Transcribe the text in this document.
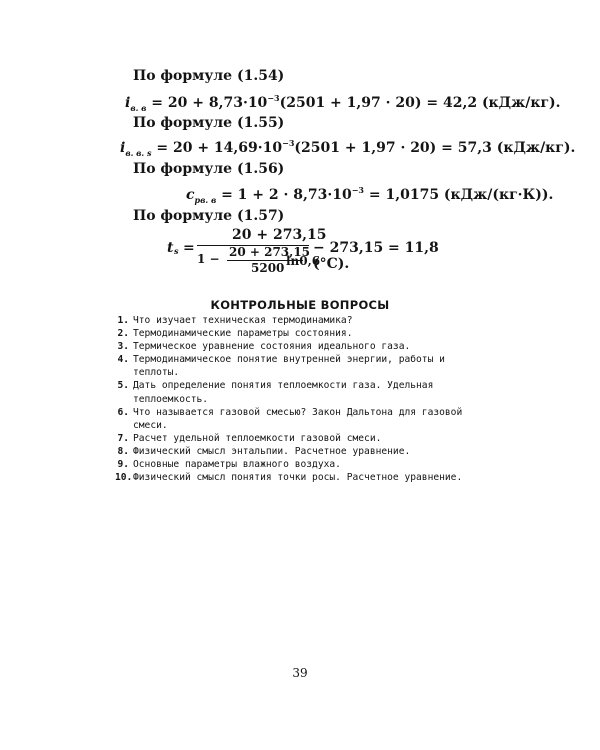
По формуле (1.54)
$i_{в. в} = 20 + 8,73\cdot 10^{-3}(2501 + 1,97 \cdot 20) = 42,2$ (кДж/кг).
По формуле (1.55)
$i_{в. в. s} = 20 + 14,69\cdot 10^{-3}(2501 + 1,97 \cdot 20) = 57,3$ (кДж/кг).
По формуле (1.56)
$c_{рв. в} = 1 + 2 \cdot 8,73\cdot 10^{-3} = 1,0175$ (кДж/(кг·К)).
По формуле (1.57)
t s =
20 + 273,15
1 − 20 + 273,15
5200 ln0,6
− 273,15 = 11,8 (°С).
КОНТРОЛЬНЫЕ ВОПРОСЫ
1. Что изучает техническая термодинамика?
2. Термодинамические параметры состояния.
3. Термическое уравнение состояния идеального газа.
4. Термодинамическое понятие внутренней энергии, работы и теплоты.
5. Дать определение понятия теплоемкости газа. Удельная теплоемкость.
6. Что называется газовой смесью? Закон Дальтона для газовой смеси.
7. Расчет удельной теплоемкости газовой смеси.
8. Физический смысл энтальпии. Расчетное уравнение.
9. Основные параметры влажного воздуха.
10. Физический смысл понятия точки росы. Расчетное уравнение.
39
